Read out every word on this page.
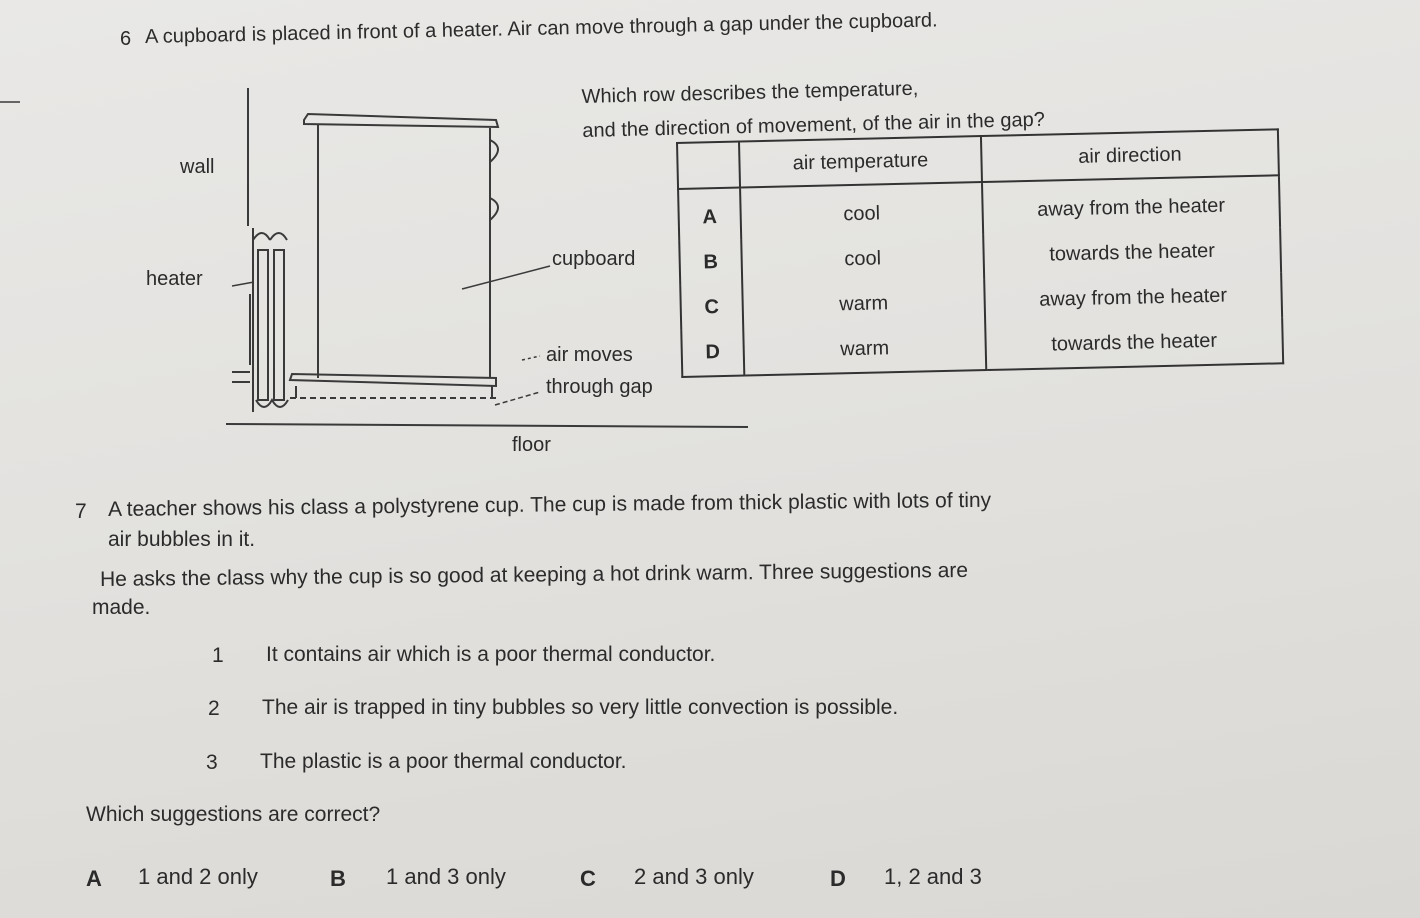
6 A cupboard is placed in front of a heater. Air can move through a gap under the cupboard.
Which row describes the temperature,
and the direction of movement, of the air in the gap?
wall
heater
cupboard
air moves
through gap
floor
	air temperature	air direction
A	cool	away from the heater
B	cool	towards the heater
C	warm	away from the heater
D	warm	towards the heater
7 A teacher shows his class a polystyrene cup. The cup is made from thick plastic with lots of tiny
air bubbles in it.
He asks the class why the cup is so good at keeping a hot drink warm. Three suggestions are
made.
1 It contains air which is a poor thermal conductor.
2 The air is trapped in tiny bubbles so very little convection is possible.
3 The plastic is a poor thermal conductor.
Which suggestions are correct?
A 1 and 2 only	B 1 and 3 only	C 2 and 3 only	D 1, 2 and 3
